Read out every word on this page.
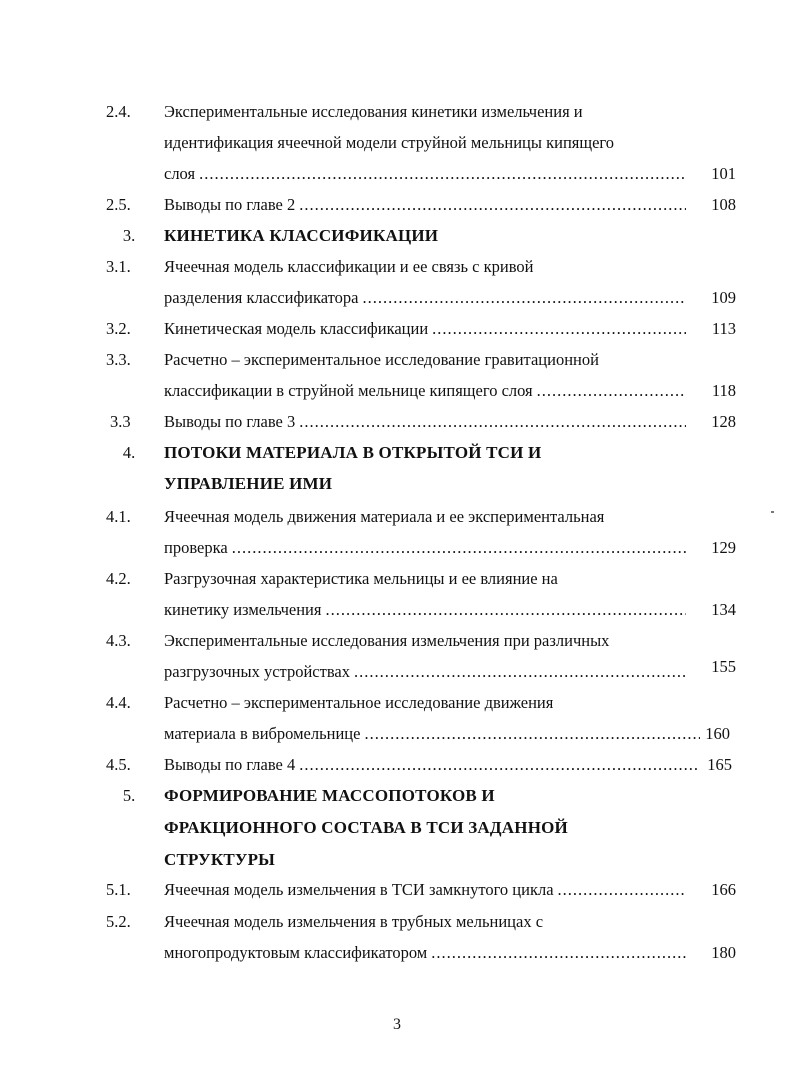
2.4.	Экспериментальные исследования кинетики измельчения и
идентификация ячеечной модели струйной мельницы кипящего
слоя .....	101
2.5.	Выводы по главе 2 .....	108
3.	КИНЕТИКА КЛАССИФИКАЦИИ
3.1.	Ячеечная модель классификации и ее связь с кривой
разделения классификатора .....	109
3.2.	Кинетическая модель классификации .....	113
3.3.	Расчетно – экспериментальное исследование гравитационной
классификации в струйной мельнице кипящего слоя .....	118
3.3	Выводы по главе 3 .....	128
4.	ПОТОКИ МАТЕРИАЛА В ОТКРЫТОЙ ТСИ И
УПРАВЛЕНИЕ ИМИ
4.1.	Ячеечная модель движения материала и ее экспериментальная
проверка .....	129
4.2.	Разгрузочная характеристика мельницы и ее влияние на
кинетику измельчения .....	134
4.3.	Экспериментальные исследования измельчения при различных
разгрузочных устройствах .....	155
4.4.	Расчетно – экспериментальное исследование движения
материала в вибромельнице .....	160
4.5.	Выводы по главе 4 .....	165
5.	ФОРМИРОВАНИЕ МАССОПОТОКОВ И
ФРАКЦИОННОГО СОСТАВА В ТСИ ЗАДАННОЙ
СТРУКТУРЫ
5.1.	Ячеечная модель измельчения в ТСИ замкнутого цикла .....	166
5.2.	Ячеечная модель измельчения в трубных мельницах с
многопродуктовым классификатором .....	180
3
